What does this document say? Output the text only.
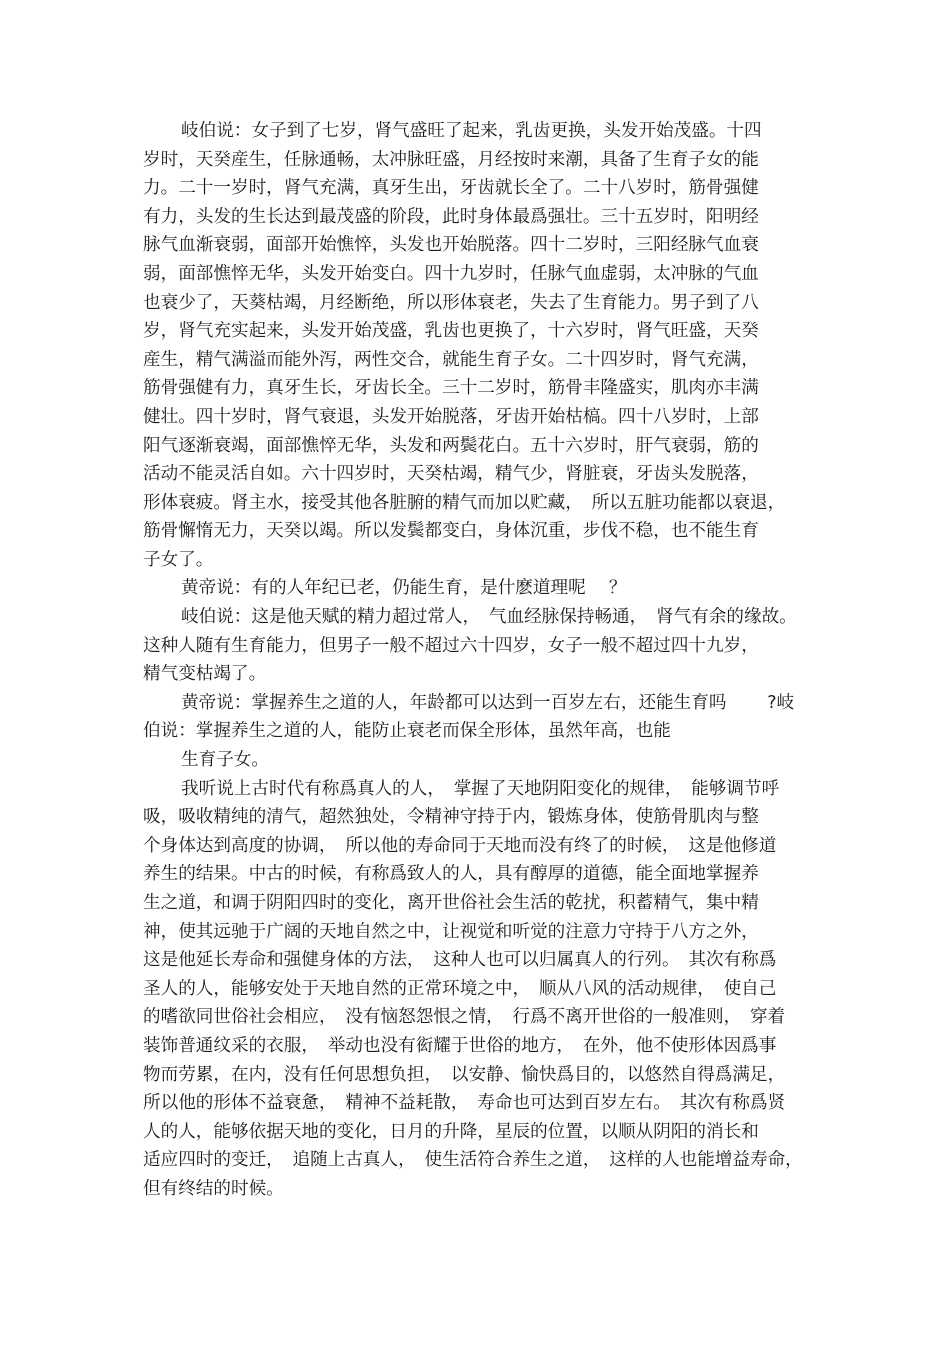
岐伯说：女子到了七岁，肾气盛旺了起来，乳齿更换，头发开始茂盛。十四
岁时，天癸産生，任脉通畅，太冲脉旺盛，月经按时来潮，具备了生育子女的能
力。二十一岁时，肾气充满，真牙生出，牙齿就长全了。二十八岁时，筋骨强健
有力，头发的生长达到最茂盛的阶段，此时身体最爲强壮。三十五岁时，阳明经
脉气血渐衰弱，面部开始憔悴，头发也开始脱落。四十二岁时，三阳经脉气血衰
弱，面部憔悴无华，头发开始变白。四十九岁时，任脉气血虚弱，太冲脉的气血
也衰少了，天葵枯竭，月经断绝，所以形体衰老，失去了生育能力。男子到了八
岁，肾气充实起来，头发开始茂盛，乳齿也更换了，十六岁时，肾气旺盛，天癸
産生，精气满溢而能外泻，两性交合，就能生育子女。二十四岁时，肾气充满，
筋骨强健有力，真牙生长，牙齿长全。三十二岁时，筋骨丰隆盛实，肌肉亦丰满
健壮。四十岁时，肾气衰退，头发开始脱落，牙齿开始枯槁。四十八岁时，上部
阳气逐渐衰竭，面部憔悴无华，头发和两鬓花白。五十六岁时，肝气衰弱，筋的
活动不能灵活自如。六十四岁时，天癸枯竭，精气少，肾脏衰，牙齿头发脱落，
形体衰疲。肾主水，接受其他各脏腑的精气而加以贮藏，　所以五脏功能都以衰退，
筋骨懈惰无力，天癸以竭。所以发鬓都变白，身体沉重，步伐不稳，也不能生育
子女了。
黄帝说：有的人年纪已老，仍能生育，是什麽道理呢　 ？
岐伯说：这是他天赋的精力超过常人，　气血经脉保持畅通，　肾气有余的缘故。
这种人随有生育能力，但男子一般不超过六十四岁，女子一般不超过四十九岁，
精气变枯竭了。
黄帝说：掌握养生之道的人，年龄都可以达到一百岁左右，还能生育吗　　 ?岐
伯说：掌握养生之道的人，能防止衰老而保全形体，虽然年高，也能
生育子女。
我听说上古时代有称爲真人的人，　掌握了天地阴阳变化的规律，　能够调节呼
吸，吸收精纯的清气，超然独处，令精神守持于内，锻炼身体，使筋骨肌肉与整
个身体达到高度的协调，　所以他的寿命同于天地而没有终了的时候，　这是他修道
养生的结果。中古的时候，有称爲致人的人，具有醇厚的道德，能全面地掌握养
生之道，和调于阴阳四时的变化，离开世俗社会生活的乾扰，积蓄精气，集中精
神，使其远驰于广阔的天地自然之中，让视觉和听觉的注意力守持于八方之外，
这是他延长寿命和强健身体的方法，　这种人也可以归属真人的行列。　其次有称爲
圣人的人，能够安处于天地自然的正常环境之中，　顺从八风的活动规律，　使自己
的嗜欲同世俗社会相应，　没有恼怒怨恨之情，　行爲不离开世俗的一般准则，　穿着
装饰普通纹采的衣服，　举动也没有衒耀于世俗的地方，　在外，他不使形体因爲事
物而劳累，在内，没有任何思想负担，　以安静、愉快爲目的，以悠然自得爲满足，
所以他的形体不益衰惫，　精神不益耗散，　寿命也可达到百岁左右。　其次有称爲贤
人的人，能够依据天地的变化，日月的升降，星辰的位置，以顺从阴阳的消长和
适应四时的变迁，　追随上古真人，　使生活符合养生之道，　这样的人也能增益寿命，
但有终结的时候。
